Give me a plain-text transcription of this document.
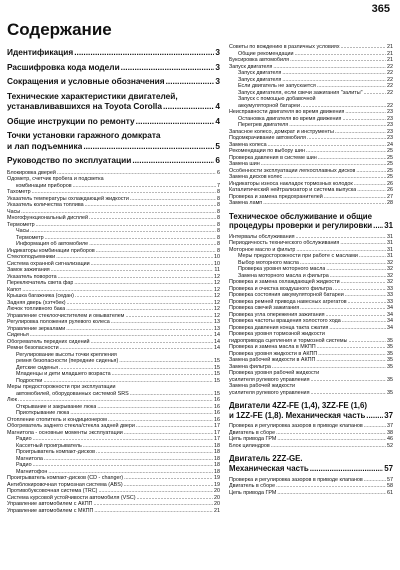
365
Содержание
Идентификация .....	3
Расшифровка кода модели .....	3
Сокращения и условные обозначения .....	3
Технические характеристики двигателей,
устанавливавшихся на Toyota Corolla .....	4
Общие инструкции по ремонту .....	4
Точки установки гаражного домкрата
и лап подъемника .....	5
Руководство по эксплуатации .....	6
Блокировка дверей .....	6
Одометр, счетчик пробега и подсветка
комбинации приборов .....	7
Тахометр .....	8
Указатель температуры охлаждающей жидкости .....	8
Указатель количества топлива .....	8
Часы .....	8
Многофункциональный дисплей .....	8
Термометр .....	8
Часы .....	8
Термометр .....	8
Информация об автомобиле .....	8
Индикаторы комбинации приборов .....	8
Стеклоподъемники .....	10
Система охранной сигнализации .....	10
Замок зажигания .....	11
Указатель поворота .....	12
Переключатель света фар .....	12
Капот .....	12
Крышка багажника (седан) .....	12
Задняя дверь (хэтчбек) .....	12
Лючок топливного бака .....	12
Управление стеклоочистителем и омывателем .....	12
Регулировка положения рулевого колеса .....	13
Управление зеркалами .....	13
Сиденья .....	14
Обогреватель передних сидений .....	14
Ремни безопасности .....	14
Регулирование высоты точки крепления
ремня безопасности (передние сиденья) .....	15
Детские сиденья .....	15
Младенцы и дети младшего возраста .....	15
Подростки .....	15
Меры предосторожности при эксплуатации
автомобилей, оборудованных системой SRS .....	15
Люк .....	16
Открывание и закрывание люка .....	16
Приоткрывание люка .....	16
Отопление отопитель и кондиционером .....	16
Обогреватель заднего стекла/стекла задней двери .....	17
Магнитола - основные моменты эксплуатации .....	17
Радио .....	17
Кассетный проигрыватель .....	18
Проигрыватель компакт-дисков .....	18
Магнитола .....	18
Радио .....	18
Магнитофон .....	18
Проигрыватель компакт-дисков (CD - changer) .....	19
Антиблокировочная тормозная система (ABS) .....	19
Противобуксовочная система (TRC) .....	20
Система курсовой устойчивости автомобиля (VSC) .....	20
Управление автомобилем с АКПП .....	20
Управление автомобилем с МКПП .....	21
Советы по вождению в различных условиях .....	21
Общие рекомендации .....	21
Буксировка автомобиля .....	21
Запуск двигателя .....	22
Запуск двигателя .....	22
Запуск двигателя .....	22
Если двигатель не запускается .....	22
Запуск двигателя, если свечи зажигания "залиты" .....	22
Запуск с помощью добавочной
аккумуляторной батареи .....	22
Неисправности двигателя во время движения .....	23
Остановка двигателя во время движения .....	23
Перегрев двигателя .....	23
Запасное колесо, домкрат и инструменты .....	23
Подомкрачивание автомобиля .....	23
Замена колеса .....	24
Рекомендации по выбору шин .....	25
Проверка давления в системе шин .....	25
Замена шин .....	25
Особенности эксплуатации легкосплавных дисков .....	25
Замена дисков колес .....	25
Индикаторы износа накладок тормозных колодок .....	26
Каталитический нейтрализатор и система выпуска .....	26
Проверка и замена предохранителей .....	27
Замена ламп .....	28
Техническое обслуживание и общие
процедуры проверки и регулировки ..... 31
Интервалы обслуживания .....	31
Периодичность технического обслуживания .....	31
Моторное масло и фильтр .....	31
Меры предосторожности при работе с маслами .....	31
Выбор моторного масла .....	32
Проверка уровня моторного масла .....	32
Замена моторного масла и фильтра .....	32
Проверка и замена охлаждающей жидкости .....	32
Проверка и очистка воздушного фильтра .....	33
Проверка состояния аккумуляторной батареи .....	33
Проверка ремней привода навесных агрегатов .....	33
Проверка свечей зажигания .....	34
Проверка угла опережения зажигания .....	34
Проверка частоты вращения холостого хода .....	34
Проверка давления конца такта сжатия .....	34
Проверка уровня тормозной жидкости
гидропривода сцепления и тормозной системы .....	35
Проверка и замена масла в МКПП .....	35
Проверка уровня жидкости в АКПП .....	35
Замена рабочей жидкости в АКПП .....	35
Замена фильтра .....	35
Проверка уровня рабочей жидкости
усилителя рулевого управления .....	35
Замена рабочей жидкости
усилителя рулевого управления .....	35
Двигатели 4ZZ-FE (1,4), 3ZZ-FE (1,6)
и 1ZZ-FE (1,8). Механическая часть ..... 37
Проверка и регулировка зазоров в приводе клапанов .....	37
Двигатель в сборе .....	38
Цепь привода ГРМ .....	46
Блок цилиндров .....	52
Двигатель 2ZZ-GE.
Механическая часть .....	57
Проверка и регулировка зазоров в приводе клапанов .....	57
Двигатель в сборе .....	58
Цепь привода ГРМ .....	61
